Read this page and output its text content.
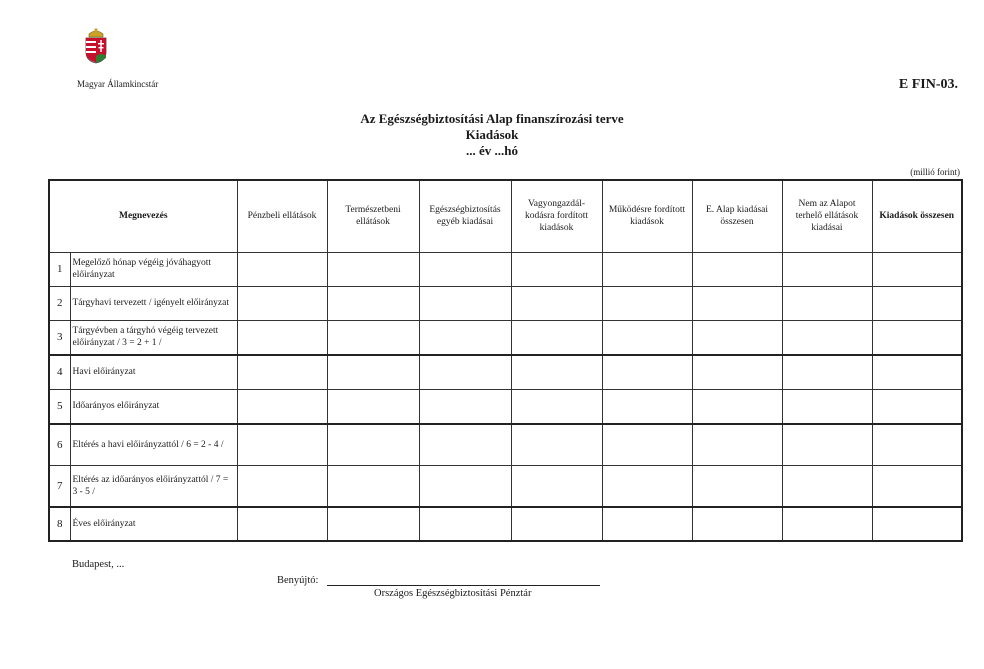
Magyar Államkincstár	E FIN-03.
Az Egészségbiztosítási Alap finanszírozási terve
Kiadások
... év ...hó
(millió forint)
Megnevezés		Pénzbeli ellátások	Természetbeni ellátások	Egészségbiztosítás egyéb kiadásai	Vagyongazdál-kodásra fordított kiadások	Működésre fordított kiadások	E. Alap kiadásai összesen	Nem az Alapot terhelő ellátások kiadásai	Kiadások összesen
1	Megelőző hónap végéig jóváhagyott előirányzat								
2	Tárgyhavi tervezett / igényelt előirányzat								
3	Tárgyévben a tárgyhó végéig tervezett előirányzat / 3 = 2 + 1 /								
4	Havi előirányzat								
5	Időarányos előirányzat								
6	Eltérés a havi előirányzattól / 6 = 2 - 4 /								
7	Eltérés az időarányos előirányzattól / 7 = 3 - 5 /								
8	Éves előirányzat								
Budapest, ...
Benyújtó:
Országos Egészségbiztosítási Pénztár
